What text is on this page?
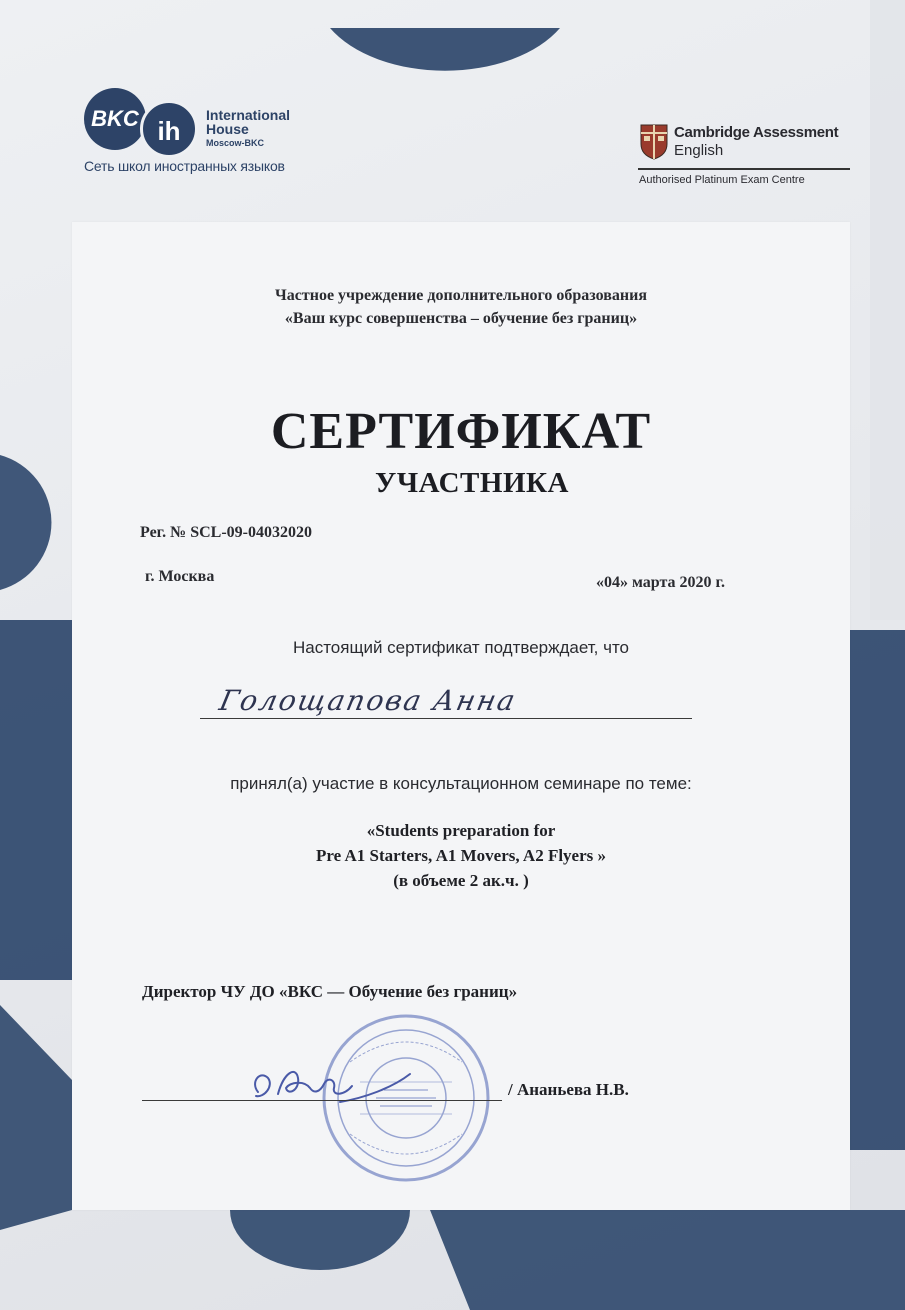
BKC ih
International
House
Moscow-BKC
Сеть школ иностранных языков
Cambridge Assessment
English
Authorised Platinum Exam Centre
Частное учреждение дополнительного образования
«Ваш курс совершенства – обучение без границ»
СЕРТИФИКАТ
УЧАСТНИКА
Рег. № SCL-09-04032020
г. Москва	«04» марта 2020 г.
Настоящий сертификат подтверждает, что
Голощапова Анна
принял(а) участие в консультационном семинаре по теме:
«Students preparation for
Pre A1 Starters, A1 Movers, A2 Flyers »
(в объеме 2 ак.ч. )
Директор ЧУ ДО «ВКС — Обучение без границ»
/ Ананьева Н.В.
